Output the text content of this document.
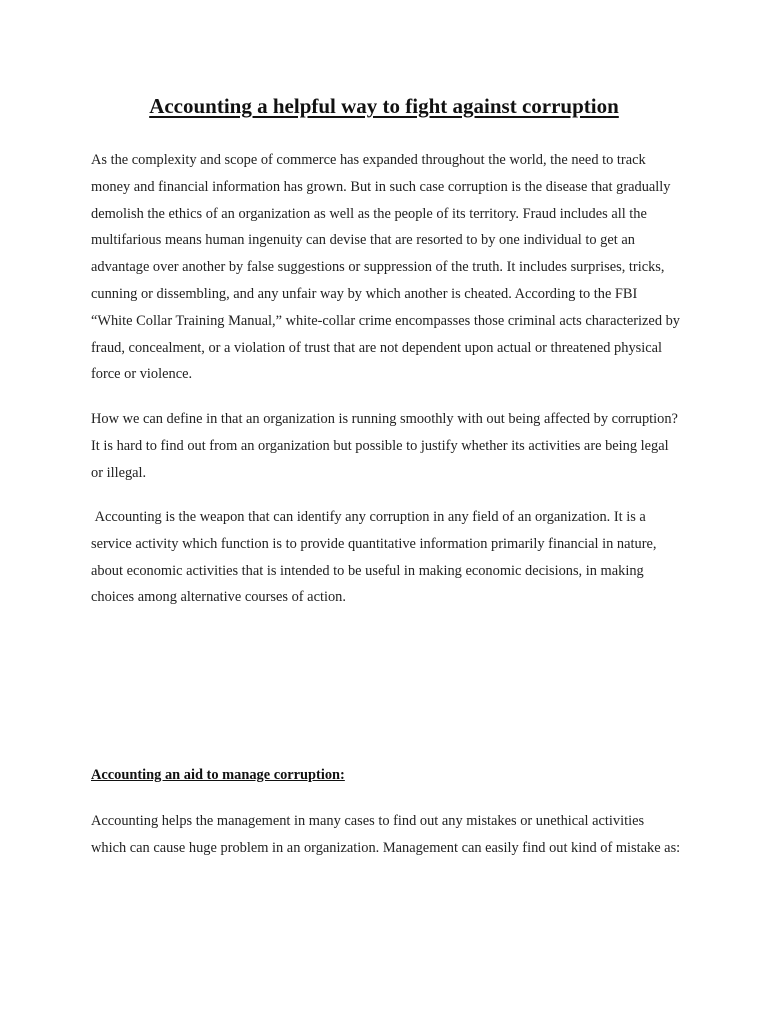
Accounting a helpful way to fight against corruption

As the complexity and scope of commerce has expanded throughout the world, the need to track money and financial information has grown. But in such case corruption is the disease that gradually demolish the ethics of an organization as well as the people of its territory. Fraud includes all the multifarious means human ingenuity can devise that are resorted to by one individual to get an advantage over another by false suggestions or suppression of the truth. It includes surprises, tricks, cunning or dissembling, and any unfair way by which another is cheated. According to the FBI “White Collar Training Manual,” white-collar crime encompasses those criminal acts characterized by fraud, concealment, or a violation of trust that are not dependent upon actual or threatened physical force or violence.

How we can define in that an organization is running smoothly with out being affected by corruption? It is hard to find out from an organization but possible to justify whether its activities are being legal or illegal.

Accounting is the weapon that can identify any corruption in any field of an organization. It is a service activity which function is to provide quantitative information primarily financial in nature, about economic activities that is intended to be useful in making economic decisions, in making choices among alternative courses of action.

Accounting an aid to manage corruption:

Accounting helps the management in many cases to find out any mistakes or unethical activities which can cause huge problem in an organization. Management can easily find out kind of mistake as:
